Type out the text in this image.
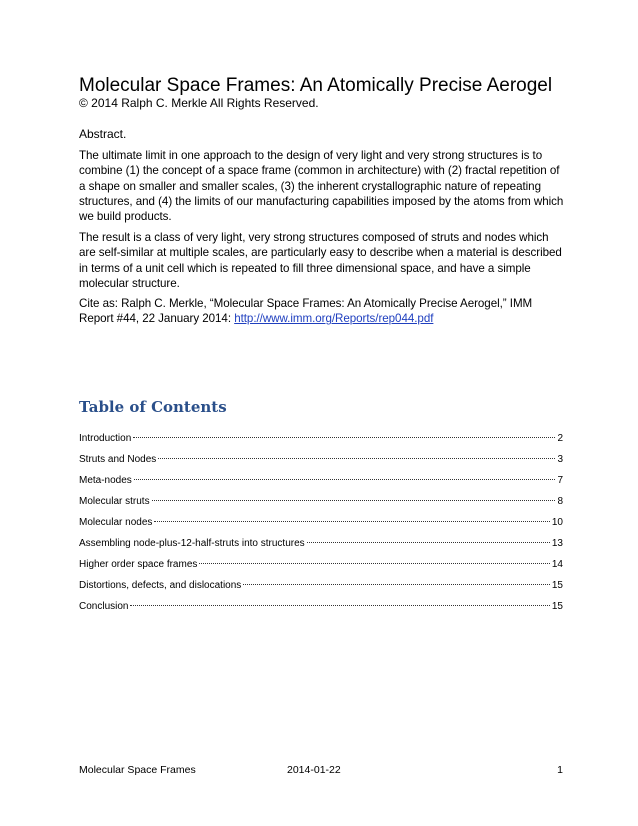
Molecular Space Frames: An Atomically Precise Aerogel
© 2014 Ralph C. Merkle All Rights Reserved.
Abstract.

The ultimate limit in one approach to the design of very light and very strong structures is to
combine (1) the concept of a space frame (common in architecture) with (2) fractal repetition of
a shape on smaller and smaller scales, (3) the inherent crystallographic nature of repeating
structures, and (4) the limits of our manufacturing capabilities imposed by the atoms from which
we build products.

The result is a class of very light, very strong structures composed of struts and nodes which
are self-similar at multiple scales, are particularly easy to describe when a material is described
in terms of a unit cell which is repeated to fill three dimensional space, and have a simple
molecular structure.

Cite as: Ralph C. Merkle, “Molecular Space Frames: An Atomically Precise Aerogel,” IMM
Report #44, 22 January 2014: http://www.imm.org/Reports/rep044.pdf

Table of Contents
Introduction	2
Struts and Nodes	3
Meta-nodes	7
Molecular struts	8
Molecular nodes	10
Assembling node-plus-12-half-struts into structures	13
Higher order space frames	14
Distortions, defects, and dislocations	15
Conclusion	15
Molecular Space Frames	2014-01-22	1
